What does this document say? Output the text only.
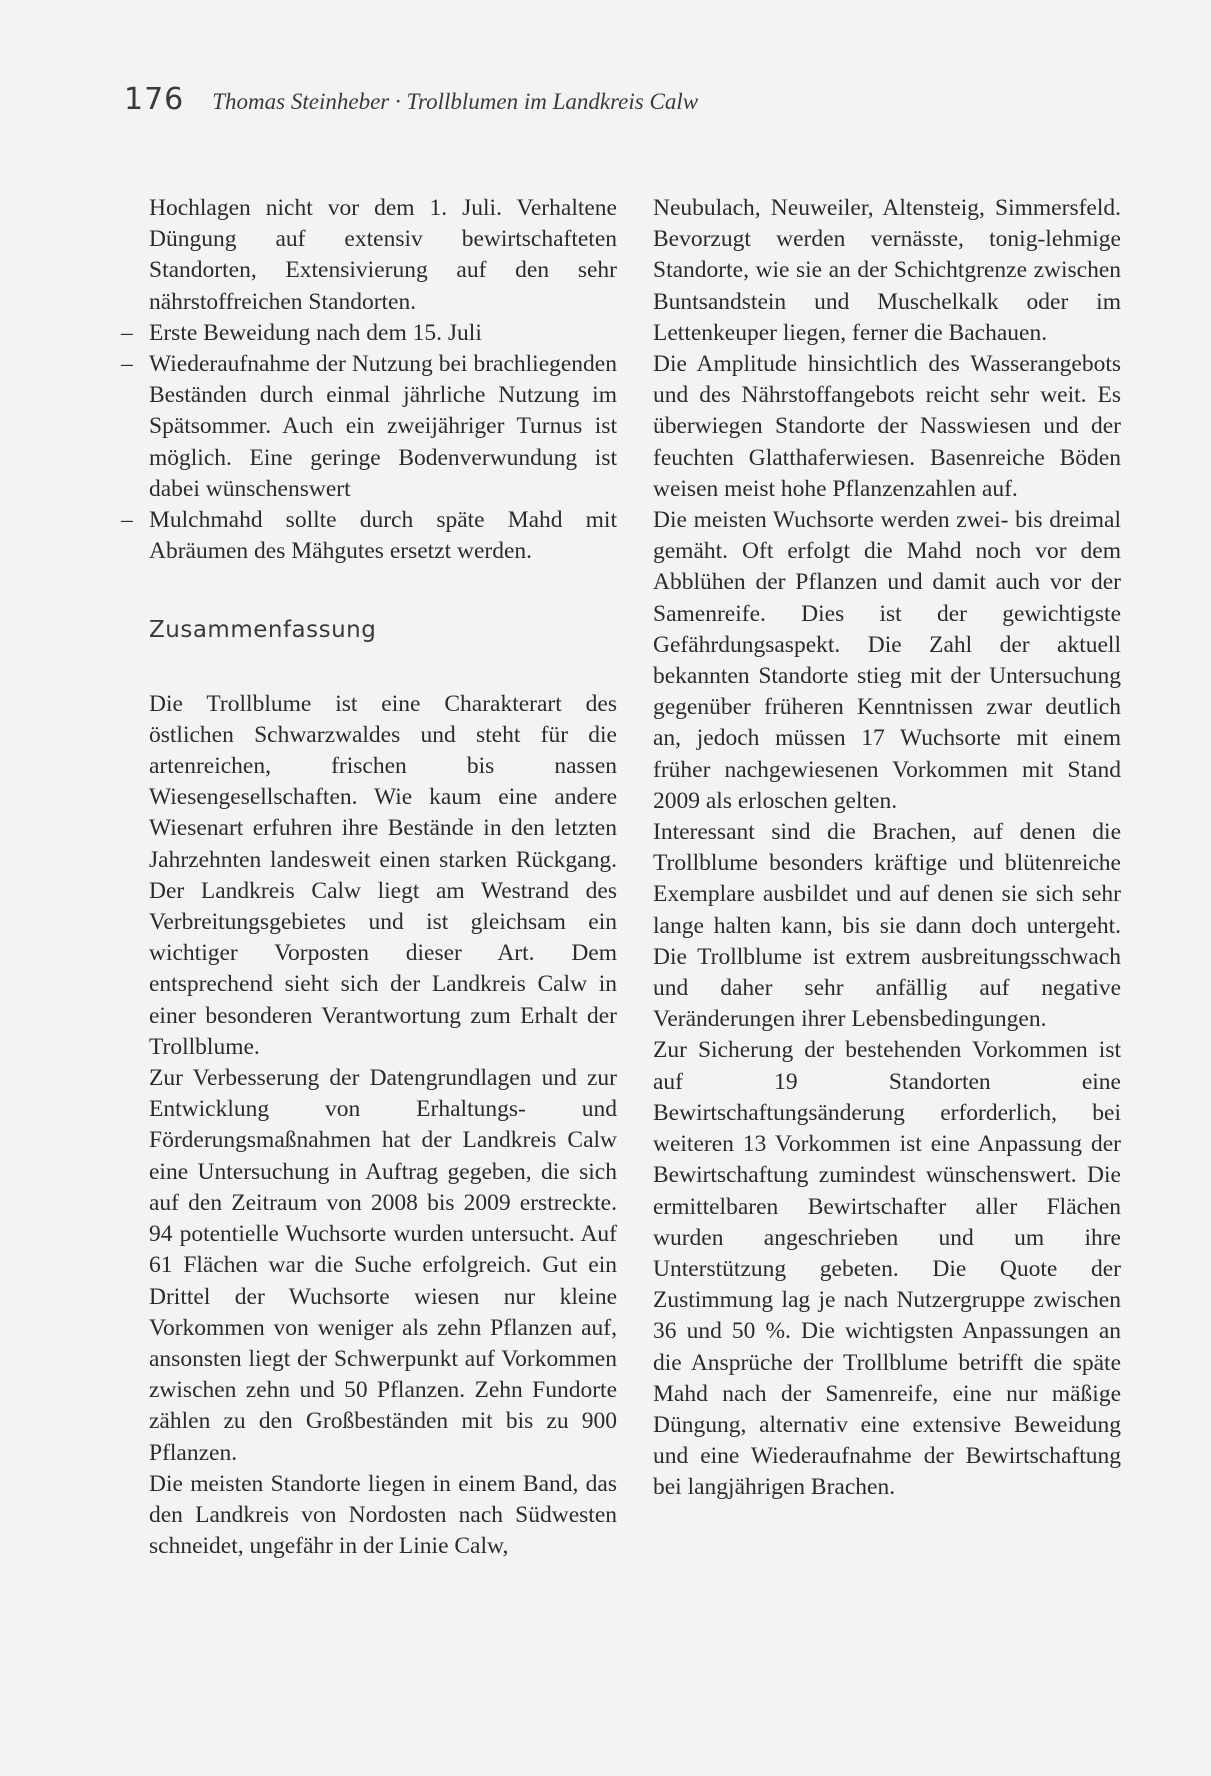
176 Thomas Steinheber · Trollblumen im Landkreis Calw

Hochlagen nicht vor dem 1. Juli. Verhaltene Düngung auf extensiv bewirtschafteten Standorten, Extensivierung auf den sehr nährstoffreichen Standorten.

– Erste Beweidung nach dem 15. Juli
– Wiederaufnahme der Nutzung bei brachliegenden Beständen durch einmal jährliche Nutzung im Spätsommer. Auch ein zweijähriger Turnus ist möglich. Eine geringe Bodenverwundung ist dabei wünschenswert
– Mulchmahd sollte durch späte Mahd mit Abräumen des Mähgutes ersetzt werden.
Zusammenfassung

Die Trollblume ist eine Charakterart des östlichen Schwarzwaldes und steht für die artenreichen, frischen bis nassen Wiesengesellschaften. Wie kaum eine andere Wiesenart erfuhren ihre Bestände in den letzten Jahrzehnten landesweit einen starken Rückgang. Der Landkreis Calw liegt am Westrand des Verbreitungsgebietes und ist gleichsam ein wichtiger Vorposten dieser Art. Dem entsprechend sieht sich der Landkreis Calw in einer besonderen Verantwortung zum Erhalt der Trollblume.

Zur Verbesserung der Datengrundlagen und zur Entwicklung von Erhaltungs- und Förderungsmaßnahmen hat der Landkreis Calw eine Untersuchung in Auftrag gegeben, die sich auf den Zeitraum von 2008 bis 2009 erstreckte. 94 potentielle Wuchsorte wurden untersucht. Auf 61 Flächen war die Suche erfolgreich. Gut ein Drittel der Wuchsorte wiesen nur kleine Vorkommen von weniger als zehn Pflanzen auf, ansonsten liegt der Schwerpunkt auf Vorkommen zwischen zehn und 50 Pflanzen. Zehn Fundorte zählen zu den Großbeständen mit bis zu 900 Pflanzen.

Die meisten Standorte liegen in einem Band, das den Landkreis von Nordosten nach Südwesten schneidet, ungefähr in der Linie Calw,

Neubulach, Neuweiler, Altensteig, Simmersfeld. Bevorzugt werden vernässte, tonig-lehmige Standorte, wie sie an der Schichtgrenze zwischen Buntsandstein und Muschelkalk oder im Lettenkeuper liegen, ferner die Bachauen.

Die Amplitude hinsichtlich des Wasserangebots und des Nährstoffangebots reicht sehr weit. Es überwiegen Standorte der Nasswiesen und der feuchten Glatthaferwiesen. Basenreiche Böden weisen meist hohe Pflanzenzahlen auf.

Die meisten Wuchsorte werden zwei- bis dreimal gemäht. Oft erfolgt die Mahd noch vor dem Abblühen der Pflanzen und damit auch vor der Samenreife. Dies ist der gewichtigste Gefährdungsaspekt. Die Zahl der aktuell bekannten Standorte stieg mit der Untersuchung gegenüber früheren Kenntnissen zwar deutlich an, jedoch müssen 17 Wuchsorte mit einem früher nachgewiesenen Vorkommen mit Stand 2009 als erloschen gelten.

Interessant sind die Brachen, auf denen die Trollblume besonders kräftige und blütenreiche Exemplare ausbildet und auf denen sie sich sehr lange halten kann, bis sie dann doch untergeht. Die Trollblume ist extrem ausbreitungsschwach und daher sehr anfällig auf negative Veränderungen ihrer Lebensbedingungen.

Zur Sicherung der bestehenden Vorkommen ist auf 19 Standorten eine Bewirtschaftungsänderung erforderlich, bei weiteren 13 Vorkommen ist eine Anpassung der Bewirtschaftung zumindest wünschenswert. Die ermittelbaren Bewirtschafter aller Flächen wurden angeschrieben und um ihre Unterstützung gebeten. Die Quote der Zustimmung lag je nach Nutzergruppe zwischen 36 und 50 %. Die wichtigsten Anpassungen an die Ansprüche der Trollblume betrifft die späte Mahd nach der Samenreife, eine nur mäßige Düngung, alternativ eine extensive Beweidung und eine Wiederaufnahme der Bewirtschaftung bei langjährigen Brachen.
